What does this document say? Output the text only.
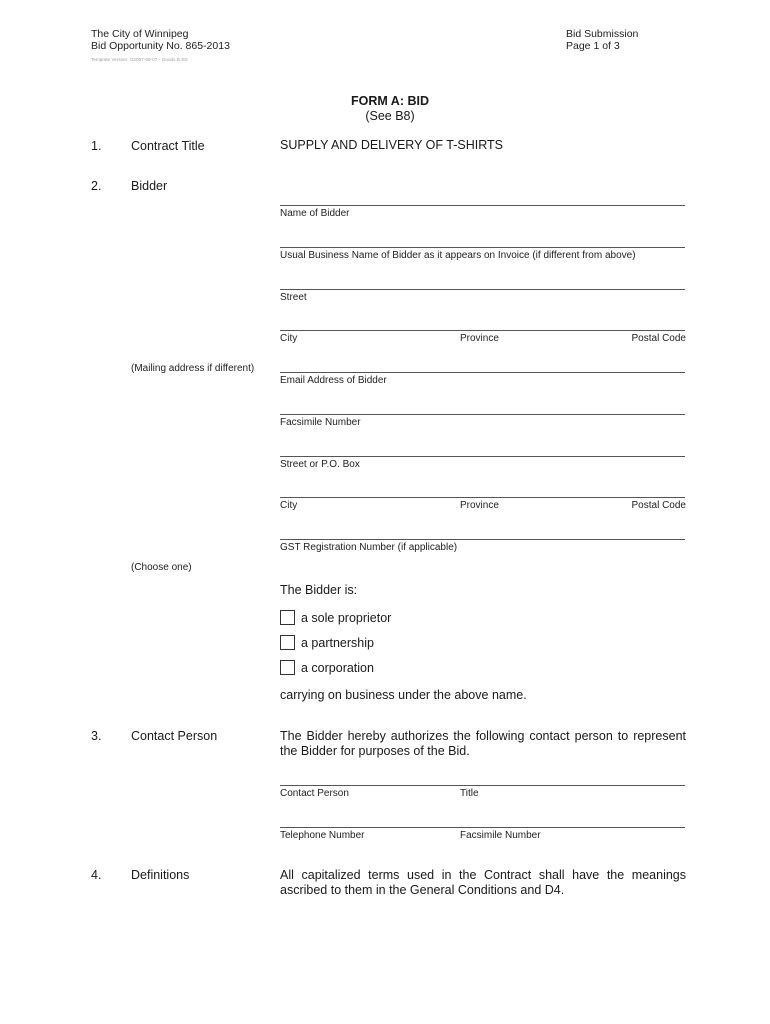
The City of Winnipeg
Bid Opportunity No. 865-2013
Template Version: G2007-09-07 - Goods B.SD
Bid Submission
Page 1 of 3
FORM A: BID
(See B8)
1. Contract Title	SUPPLY AND DELIVERY OF T-SHIRTS
2. Bidder
Name of Bidder
Usual Business Name of Bidder as it appears on Invoice (if different from above)
Street
City	Province	Postal Code
(Mailing address if different)
Email Address of Bidder
Facsimile Number
Street or P.O. Box
City	Province	Postal Code
GST Registration Number (if applicable)
(Choose one)
The Bidder is:
a sole proprietor
a partnership
a corporation
carrying on business under the above name.
3. Contact Person	The Bidder hereby authorizes the following contact person to represent the Bidder for purposes of the Bid.
Contact Person	Title
Telephone Number	Facsimile Number
4. Definitions	All capitalized terms used in the Contract shall have the meanings ascribed to them in the General Conditions and D4.
